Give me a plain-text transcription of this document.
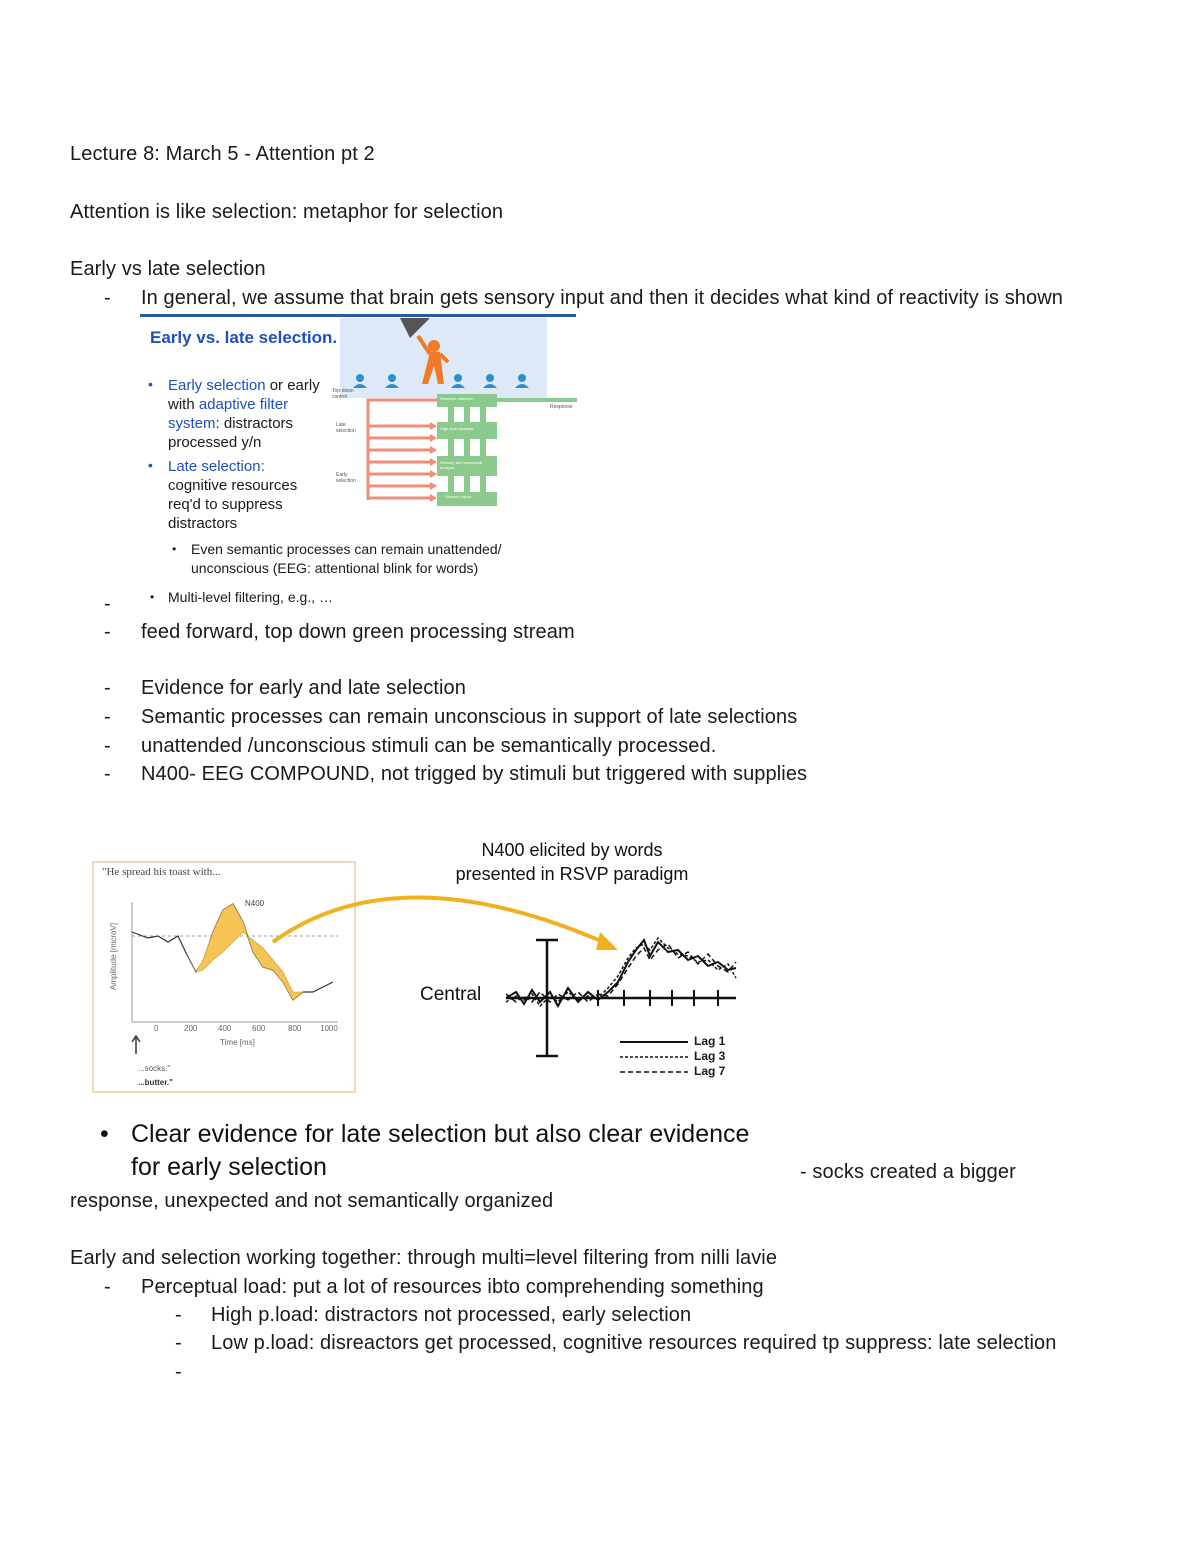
Lecture 8: March 5 - Attention pt 2
Attention is like selection: metaphor for selection
Early vs late selection
- In general, we assume that brain gets sensory input and then it decides what kind of reactivity is shown
Early vs. late selection.
• Early selection or early
with adaptive filter
system: distractors
processed y/n
• Late selection:
cognitive resources
req'd to suppress
distractors
• Even semantic processes can remain unattended/
unconscious (EEG: attentional blink for words)
• Multi-level filtering, e.g., …
Top-down control
Late selection
Early selection
Response
Semantic selection
High-level analysis
Sensory and perceptual analysis
Sensory inputs
-
- feed forward, top down green processing stream
- Evidence for early and late selection
- Semantic processes can remain unconscious in support of late selections
- unattended /unconscious stimuli can be semantically processed.
- N400- EEG COMPOUND, not trigged by stimuli but triggered with supplies
"He spread his toast with...
N400
Amplitude [microV]
0	200	400	600	800 1000
Time [ms]
...socks."
...butter."
N400 elicited by words
presented in RSVP paradigm
Central
Lag 1
Lag 3
Lag 7
• Clear evidence for late selection but also clear evidence
for early selection	- socks created a bigger
response, unexpected and not semantically organized
Early and selection working together: through multi=level filtering from nilli lavie
- Perceptual load: put a lot of resources ibto comprehending something
- High p.load: distractors not processed, early selection
- Low p.load: disreactors get processed, cognitive resources required tp suppress: late selection
-
